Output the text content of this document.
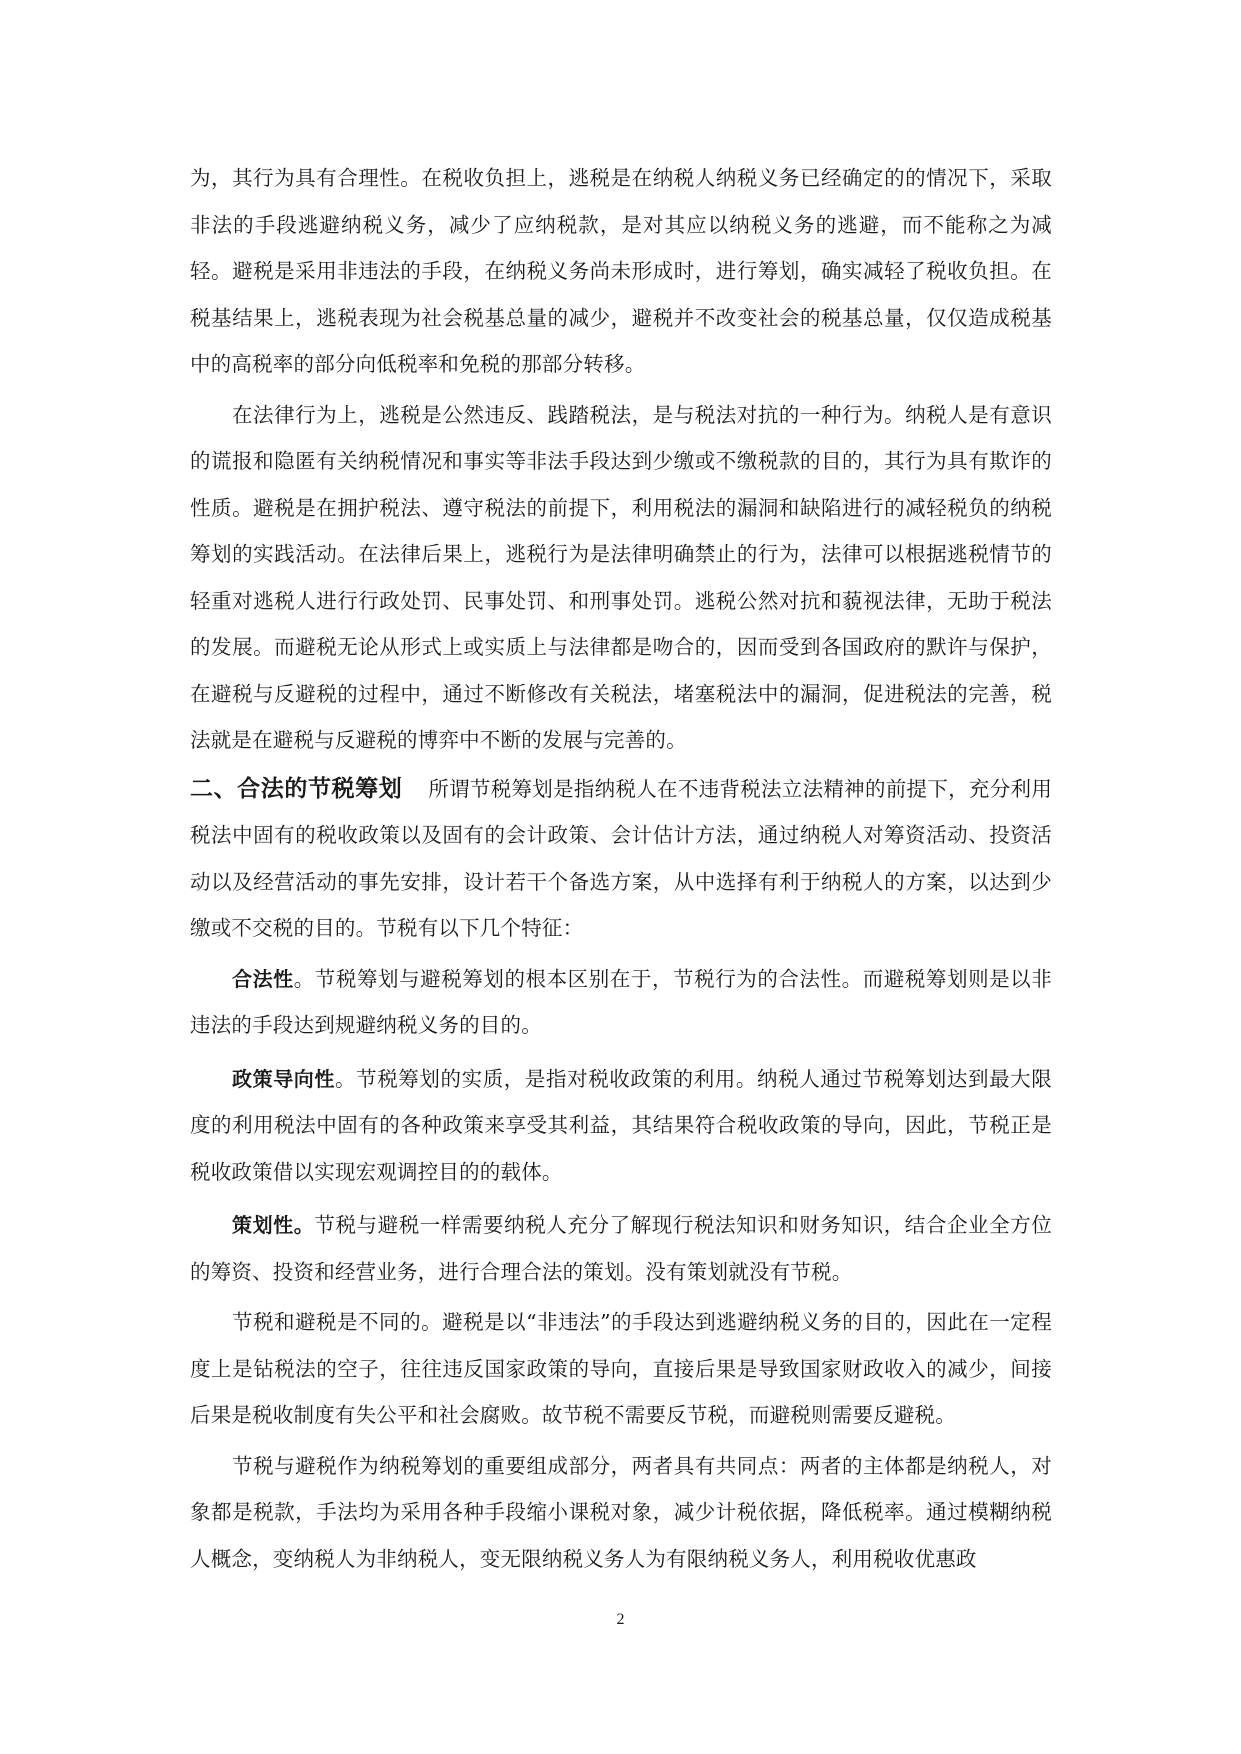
为，其行为具有合理性。在税收负担上，逃税是在纳税人纳税义务已经确定的的情况下，采取非法的手段逃避纳税义务，减少了应纳税款，是对其应以纳税义务的逃避，而不能称之为减轻。避税是采用非违法的手段，在纳税义务尚未形成时，进行筹划，确实减轻了税收负担。在税基结果上，逃税表现为社会税基总量的减少，避税并不改变社会的税基总量，仅仅造成税基中的高税率的部分向低税率和免税的那部分转移。

在法律行为上，逃税是公然违反、践踏税法，是与税法对抗的一种行为。纳税人是有意识的谎报和隐匿有关纳税情况和事实等非法手段达到少缴或不缴税款的目的，其行为具有欺诈的性质。避税是在拥护税法、遵守税法的前提下，利用税法的漏洞和缺陷进行的减轻税负的纳税筹划的实践活动。在法律后果上，逃税行为是法律明确禁止的行为，法律可以根据逃税情节的轻重对逃税人进行行政处罚、民事处罚、和刑事处罚。逃税公然对抗和藐视法律，无助于税法的发展。而避税无论从形式上或实质上与法律都是吻合的，因而受到各国政府的默许与保护，在避税与反避税的过程中，通过不断修改有关税法，堵塞税法中的漏洞，促进税法的完善，税法就是在避税与反避税的博弈中不断的发展与完善的。

二、合法的节税筹划 所谓节税筹划是指纳税人在不违背税法立法精神的前提下，充分利用税法中固有的税收政策以及固有的会计政策、会计估计方法，通过纳税人对筹资活动、投资活动以及经营活动的事先安排，设计若干个备选方案，从中选择有利于纳税人的方案，以达到少缴或不交税的目的。节税有以下几个特征：

合法性。节税筹划与避税筹划的根本区别在于，节税行为的合法性。而避税筹划则是以非违法的手段达到规避纳税义务的目的。

政策导向性。节税筹划的实质，是指对税收政策的利用。纳税人通过节税筹划达到最大限度的利用税法中固有的各种政策来享受其利益，其结果符合税收政策的导向，因此，节税正是税收政策借以实现宏观调控目的的载体。

策划性。节税与避税一样需要纳税人充分了解现行税法知识和财务知识，结合企业全方位的筹资、投资和经营业务，进行合理合法的策划。没有策划就没有节税。

节税和避税是不同的。避税是以“非违法”的手段达到逃避纳税义务的目的，因此在一定程度上是钻税法的空子，往往违反国家政策的导向，直接后果是导致国家财政收入的减少，间接后果是税收制度有失公平和社会腐败。故节税不需要反节税，而避税则需要反避税。

节税与避税作为纳税筹划的重要组成部分，两者具有共同点：两者的主体都是纳税人，对象都是税款，手法均为采用各种手段缩小课税对象，减少计税依据，降低税率。通过模糊纳税人概念，变纳税人为非纳税人，变无限纳税义务人为有限纳税义务人，利用税收优惠政

2
